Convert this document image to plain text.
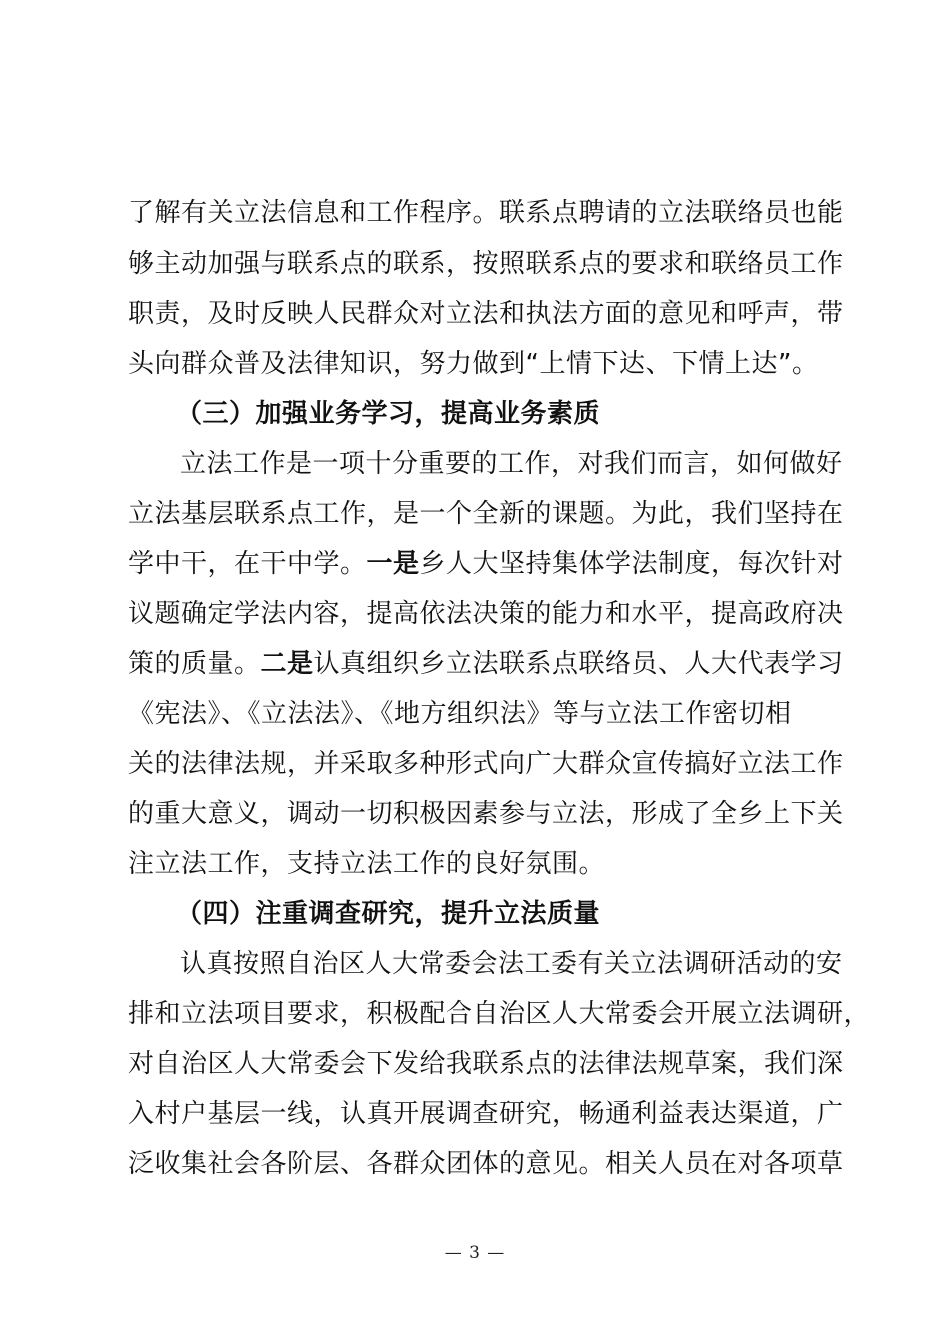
了解有关立法信息和工作程序。联系点聘请的立法联络员也能
够主动加强与联系点的联系，按照联系点的要求和联络员工作
职责，及时反映人民群众对立法和执法方面的意见和呼声，带
头向群众普及法律知识，努力做到“上情下达、下情上达”。
（三）加强业务学习，提高业务素质
立法工作是一项十分重要的工作，对我们而言，如何做好
立法基层联系点工作，是一个全新的课题。为此，我们坚持在
学中干，在干中学。一是乡人大坚持集体学法制度，每次针对
议题确定学法内容，提高依法决策的能力和水平，提高政府决
策的质量。二是认真组织乡立法联系点联络员、人大代表学习
《宪法》、《立法法》、《地方组织法》等与立法工作密切相
关的法律法规，并采取多种形式向广大群众宣传搞好立法工作
的重大意义，调动一切积极因素参与立法，形成了全乡上下关
注立法工作，支持立法工作的良好氛围。
（四）注重调查研究，提升立法质量
认真按照自治区人大常委会法工委有关立法调研活动的安
排和立法项目要求，积极配合自治区人大常委会开展立法调研，
对自治区人大常委会下发给我联系点的法律法规草案，我们深
入村户基层一线，认真开展调查研究，畅通利益表达渠道，广
泛收集社会各阶层、各群众团体的意见。相关人员在对各项草
— 3 —
